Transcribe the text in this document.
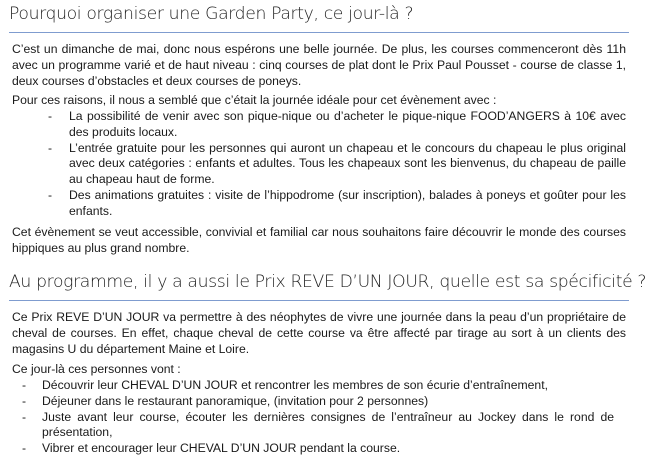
Pourquoi organiser une Garden Party, ce jour-là ?

C’est un dimanche de mai, donc nous espérons une belle journée. De plus, les courses commenceront dès 11h avec un programme varié et de haut niveau : cinq courses de plat dont le Prix Paul Pousset - course de classe 1, deux courses d’obstacles et deux courses de poneys.

Pour ces raisons, il nous a semblé que c’était la journée idéale pour cet évènement avec :

- La possibilité de venir avec son pique-nique ou d’acheter le pique-nique FOOD’ANGERS à 10€ avec des produits locaux.
- L’entrée gratuite pour les personnes qui auront un chapeau et le concours du chapeau le plus original avec deux catégories : enfants et adultes. Tous les chapeaux sont les bienvenus, du chapeau de paille au chapeau haut de forme.
- Des animations gratuites : visite de l’hippodrome (sur inscription), balades à poneys et goûter pour les enfants.

Cet évènement se veut accessible, convivial et familial car nous souhaitons faire découvrir le monde des courses hippiques au plus grand nombre.

Au programme, il y a aussi le Prix REVE D’UN JOUR, quelle est sa spécificité ?

Ce Prix REVE D’UN JOUR va permettre à des néophytes de vivre une journée dans la peau d’un propriétaire de cheval de courses. En effet, chaque cheval de cette course va être affecté par tirage au sort à un clients des magasins U du département Maine et Loire.

Ce jour-là ces personnes vont :

- Découvrir leur CHEVAL D’UN JOUR et rencontrer les membres de son écurie d’entraînement,
- Déjeuner dans le restaurant panoramique, (invitation pour 2 personnes)
- Juste avant leur course, écouter les dernières consignes de l’entraîneur au Jockey dans le rond de présentation,
- Vibrer et encourager leur CHEVAL D’UN JOUR pendant la course.
